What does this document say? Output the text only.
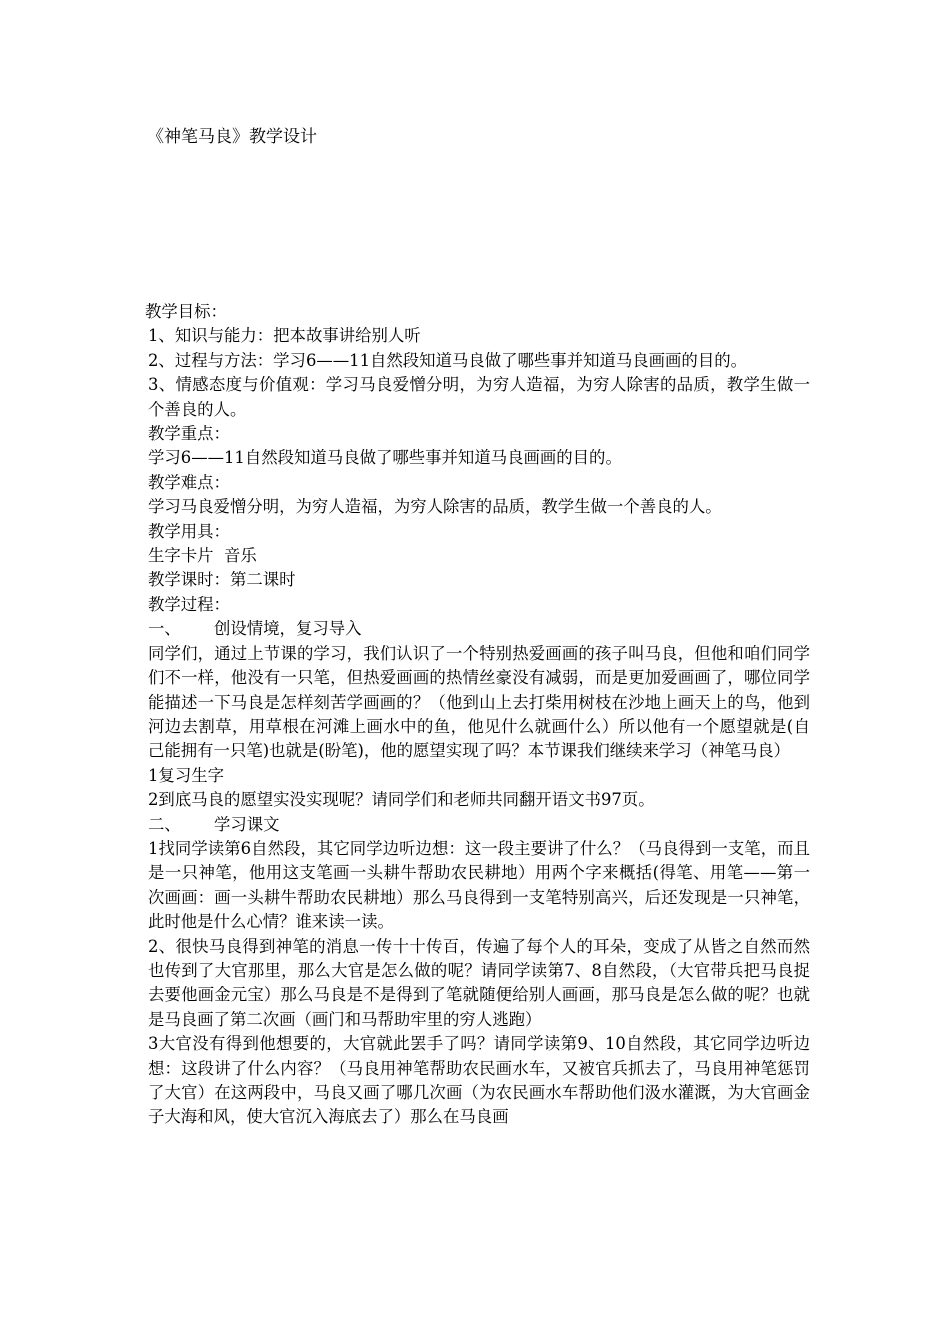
《神笔马良》教学设计
教学目标：
1、知识与能力：把本故事讲给别人听
2、过程与方法：学习6——11自然段知道马良做了哪些事并知道马良画画的目的。
3、情感态度与价值观：学习马良爱憎分明，为穷人造福，为穷人除害的品质，教学生做一个善良的人。
教学重点：
学习6——11自然段知道马良做了哪些事并知道马良画画的目的。
教学难点：
学习马良爱憎分明，为穷人造福，为穷人除害的品质，教学生做一个善良的人。
教学用具：
生字卡片  音乐
教学课时：第二课时
教学过程：
一、 创设情境，复习导入
同学们，通过上节课的学习，我们认识了一个特别热爱画画的孩子叫马良，但他和咱们同学们不一样，他没有一只笔，但热爱画画的热情丝豪没有减弱，而是更加爱画画了，哪位同学能描述一下马良是怎样刻苦学画画的？（他到山上去打柴用树枝在沙地上画天上的鸟，他到河边去割草，用草根在河滩上画水中的鱼，他见什么就画什么）所以他有一个愿望就是(自己能拥有一只笔)也就是(盼笔)，他的愿望实现了吗？本节课我们继续来学习（神笔马良）
1复习生字
2到底马良的愿望实没实现呢？请同学们和老师共同翻开语文书97页。
二、 学习课文
1找同学读第6自然段，其它同学边听边想：这一段主要讲了什么？（马良得到一支笔，而且是一只神笔，他用这支笔画一头耕牛帮助农民耕地）用两个字来概括(得笔、用笔——第一次画画：画一头耕牛帮助农民耕地）那么马良得到一支笔特别高兴，后还发现是一只神笔，此时他是什么心情？谁来读一读。
2、很快马良得到神笔的消息一传十十传百，传遍了每个人的耳朵，变成了从皆之自然而然也传到了大官那里，那么大官是怎么做的呢？请同学读第7、8自然段，（大官带兵把马良捉去要他画金元宝）那么马良是不是得到了笔就随便给别人画画，那马良是怎么做的呢？也就是马良画了第二次画（画门和马帮助牢里的穷人逃跑）
3大官没有得到他想要的，大官就此罢手了吗？请同学读第9、10自然段，其它同学边听边想：这段讲了什么内容？（马良用神笔帮助农民画水车，又被官兵抓去了，马良用神笔惩罚了大官）在这两段中，马良又画了哪几次画（为农民画水车帮助他们汲水灌溉，为大官画金子大海和风，使大官沉入海底去了）那么在马良画
